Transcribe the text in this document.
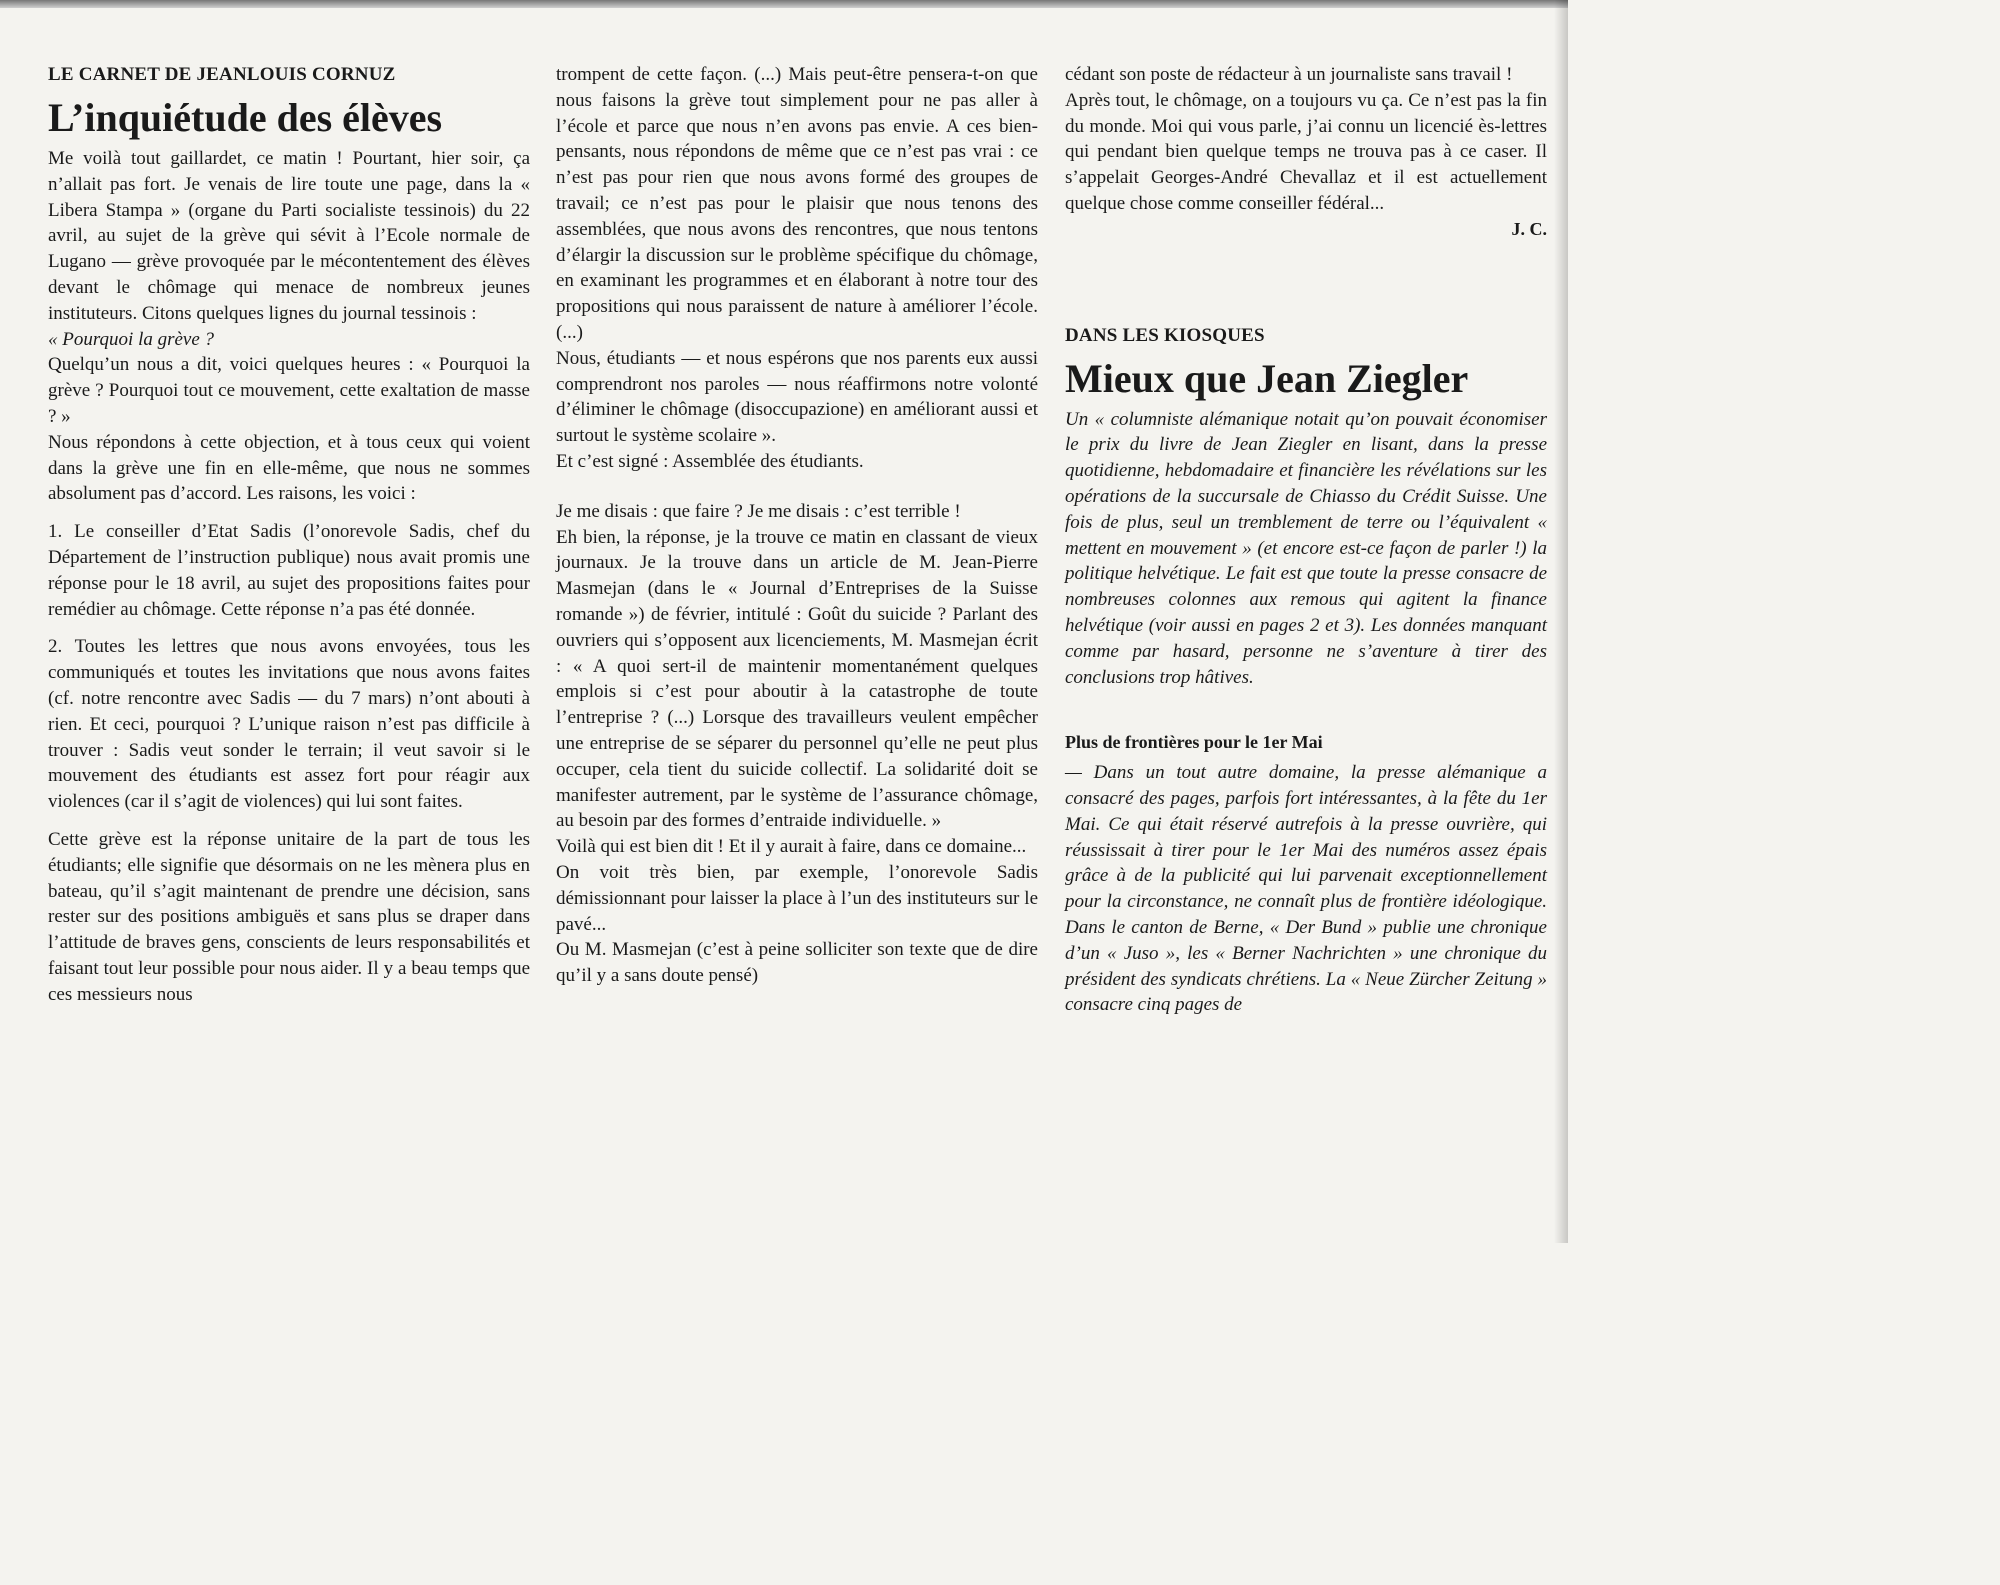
LE CARNET DE JEANLOUIS CORNUZ
L’inquiétude des élèves

Me voilà tout gaillardet, ce matin ! Pourtant, hier soir, ça n’allait pas fort. Je venais de lire toute une page, dans la « Libera Stampa » (organe du Parti socialiste tessinois) du 22 avril, au sujet de la grève qui sévit à l’Ecole normale de Lugano — grève provoquée par le mécontentement des élèves devant le chômage qui menace de nombreux jeunes instituteurs. Citons quelques lignes du journal tessinois :

« Pourquoi la grève ?

Quelqu’un nous a dit, voici quelques heures : « Pourquoi la grève ? Pourquoi tout ce mouvement, cette exaltation de masse ? »

Nous répondons à cette objection, et à tous ceux qui voient dans la grève une fin en elle-même, que nous ne sommes absolument pas d’accord. Les raisons, les voici :

1. Le conseiller d’Etat Sadis (l’onorevole Sadis, chef du Département de l’instruction publique) nous avait promis une réponse pour le 18 avril, au sujet des propositions faites pour remédier au chômage. Cette réponse n’a pas été donnée.

2. Toutes les lettres que nous avons envoyées, tous les communiqués et toutes les invitations que nous avons faites (cf. notre rencontre avec Sadis — du 7 mars) n’ont abouti à rien. Et ceci, pourquoi ? L’unique raison n’est pas difficile à trouver : Sadis veut sonder le terrain; il veut savoir si le mouvement des étudiants est assez fort pour réagir aux violences (car il s’agit de violences) qui lui sont faites.

Cette grève est la réponse unitaire de la part de tous les étudiants; elle signifie que désormais on ne les mènera plus en bateau, qu’il s’agit maintenant de prendre une décision, sans rester sur des positions ambiguës et sans plus se draper dans l’attitude de braves gens, conscients de leurs responsabilités et faisant tout leur possible pour nous aider. Il y a beau temps que ces messieurs nous

trompent de cette façon. (...) Mais peut-être pensera-t-on que nous faisons la grève tout simplement pour ne pas aller à l’école et parce que nous n’en avons pas envie. A ces bien-pensants, nous répondons de même que ce n’est pas vrai : ce n’est pas pour rien que nous avons formé des groupes de travail; ce n’est pas pour le plaisir que nous tenons des assemblées, que nous avons des rencontres, que nous tentons d’élargir la discussion sur le problème spécifique du chômage, en examinant les programmes et en élaborant à notre tour des propositions qui nous paraissent de nature à améliorer l’école. (...)

Nous, étudiants — et nous espérons que nos parents eux aussi comprendront nos paroles — nous réaffirmons notre volonté d’éliminer le chômage (disoccupazione) en améliorant aussi et surtout le système scolaire ».

Et c’est signé : Assemblée des étudiants.

Je me disais : que faire ? Je me disais : c’est terrible !

Eh bien, la réponse, je la trouve ce matin en classant de vieux journaux. Je la trouve dans un article de M. Jean-Pierre Masmejan (dans le « Journal d’Entreprises de la Suisse romande ») de février, intitulé : Goût du suicide ? Parlant des ouvriers qui s’opposent aux licenciements, M. Masmejan écrit : « A quoi sert-il de maintenir momentanément quelques emplois si c’est pour aboutir à la catastrophe de toute l’entreprise ? (...) Lorsque des travailleurs veulent empêcher une entreprise de se séparer du personnel qu’elle ne peut plus occuper, cela tient du suicide collectif. La solidarité doit se manifester autrement, par le système de l’assurance chômage, au besoin par des formes d’entraide individuelle. »

Voilà qui est bien dit ! Et il y aurait à faire, dans ce domaine...

On voit très bien, par exemple, l’onorevole Sadis démissionnant pour laisser la place à l’un des instituteurs sur le pavé...

Ou M. Masmejan (c’est à peine solliciter son texte que de dire qu’il y a sans doute pensé)

cédant son poste de rédacteur à un journaliste sans travail !

Après tout, le chômage, on a toujours vu ça. Ce n’est pas la fin du monde. Moi qui vous parle, j’ai connu un licencié ès-lettres qui pendant bien quelque temps ne trouva pas à ce caser. Il s’appelait Georges-André Chevallaz et il est actuellement quelque chose comme conseiller fédéral...

J. C.

DANS LES KIOSQUES
Mieux que Jean Ziegler

Un « columniste alémanique notait qu’on pouvait économiser le prix du livre de Jean Ziegler en lisant, dans la presse quotidienne, hebdomadaire et financière les révélations sur les opérations de la succursale de Chiasso du Crédit Suisse. Une fois de plus, seul un tremblement de terre ou l’équivalent « mettent en mouvement » (et encore est-ce façon de parler !) la politique helvétique. Le fait est que toute la presse consacre de nombreuses colonnes aux remous qui agitent la finance helvétique (voir aussi en pages 2 et 3). Les données manquant comme par hasard, personne ne s’aventure à tirer des conclusions trop hâtives.

Plus de frontières pour le 1er Mai

— Dans un tout autre domaine, la presse alémanique a consacré des pages, parfois fort intéressantes, à la fête du 1er Mai. Ce qui était réservé autrefois à la presse ouvrière, qui réussissait à tirer pour le 1er Mai des numéros assez épais grâce à de la publicité qui lui parvenait exceptionnellement pour la circonstance, ne connaît plus de frontière idéologique. Dans le canton de Berne, « Der Bund » publie une chronique d’un « Juso », les « Berner Nachrichten » une chronique du président des syndicats chrétiens. La « Neue Zürcher Zeitung » consacre cinq pages de
